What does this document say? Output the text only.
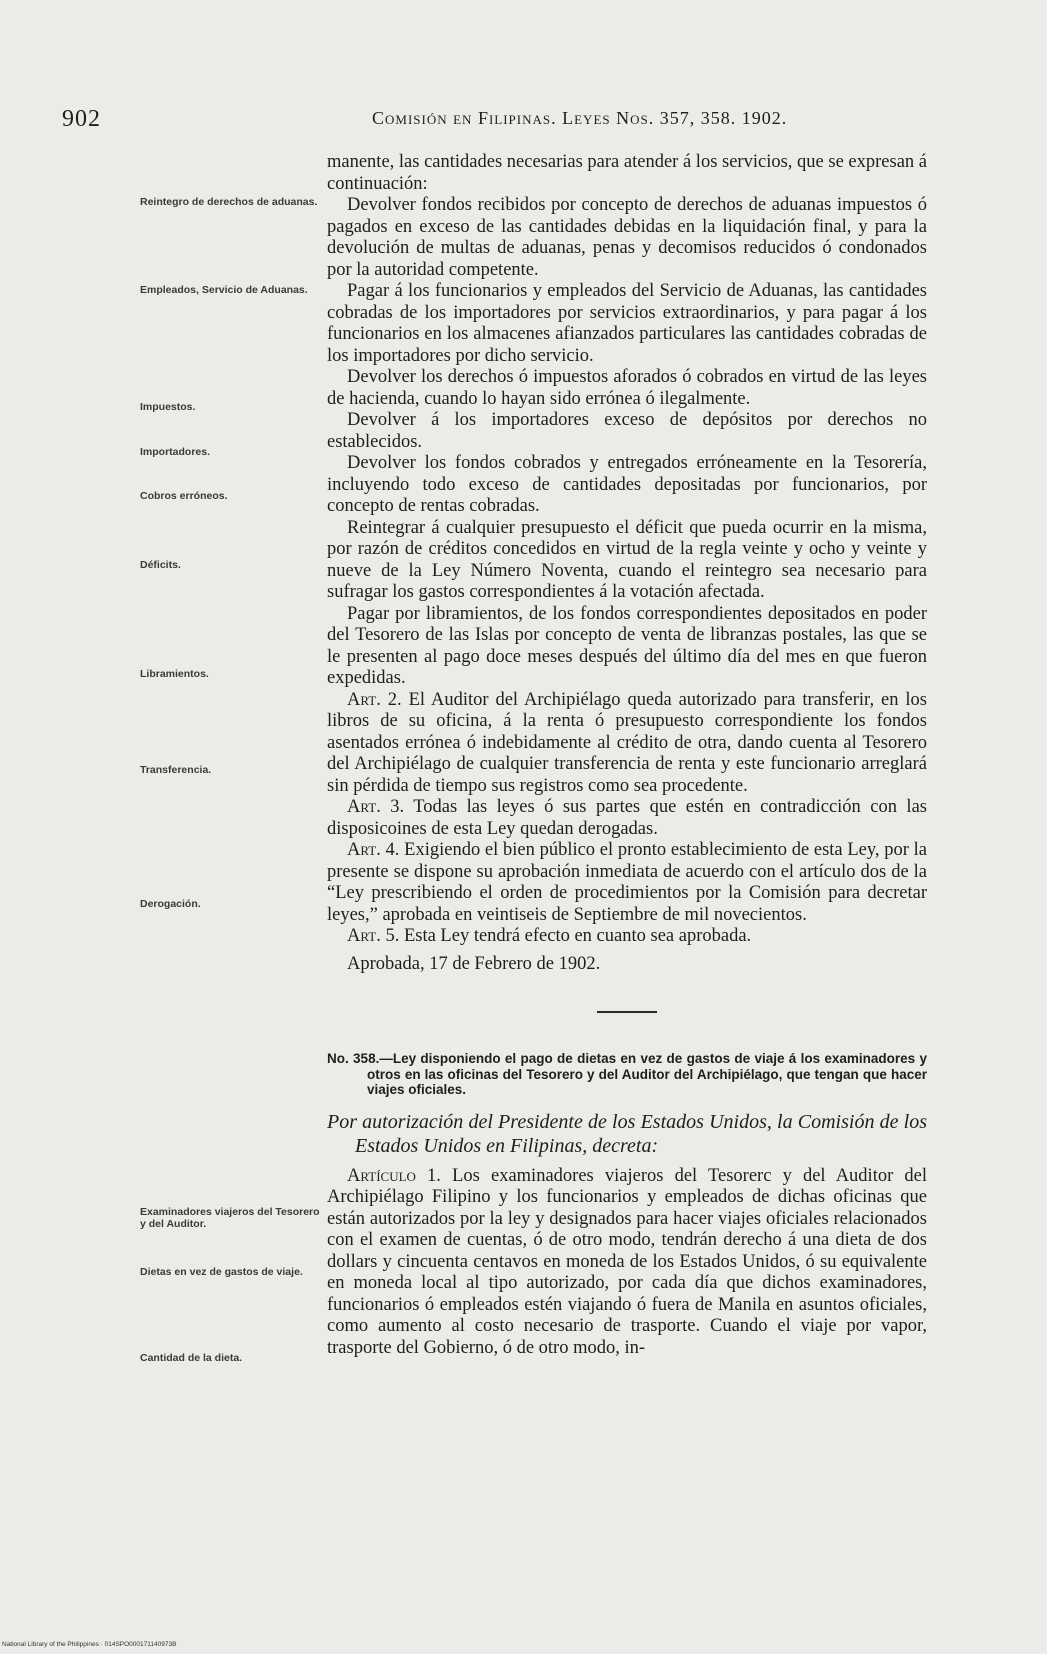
902	Comisión en Filipinas. Leyes Nos. 357, 358. 1902.
Reintegro de derechos de aduanas.
Empleados, Servicio de Aduanas.
Impuestos.
Importadores.
Cobros erróneos.
Déficits.
Libramientos.
Transferencia.
Derogación.
Examinadores viajeros del Tesorero y del Auditor.
Dietas en vez de gastos de viaje.
Cantidad de la dieta.

manente, las cantidades necesarias para atender á los servicios, que se expresan á continuación:

Devolver fondos recibidos por concepto de derechos de aduanas impuestos ó pagados en exceso de las cantidades debidas en la liquidación final, y para la devolución de multas de aduanas, penas y decomisos reducidos ó condonados por la autoridad competente.

Pagar á los funcionarios y empleados del Servicio de Aduanas, las cantidades cobradas de los importadores por servicios extraordinarios, y para pagar á los funcionarios en los almacenes afianzados particulares las cantidades cobradas de los importadores por dicho servicio.

Devolver los derechos ó impuestos aforados ó cobrados en virtud de las leyes de hacienda, cuando lo hayan sido errónea ó ilegalmente.

Devolver á los importadores exceso de depósitos por derechos no establecidos.

Devolver los fondos cobrados y entregados erróneamente en la Tesorería, incluyendo todo exceso de cantidades depositadas por funcionarios, por concepto de rentas cobradas.

Reintegrar á cualquier presupuesto el déficit que pueda ocurrir en la misma, por razón de créditos concedidos en virtud de la regla veinte y ocho y veinte y nueve de la Ley Número Noventa, cuando el reintegro sea necesario para sufragar los gastos correspondientes á la votación afectada.

Pagar por libramientos, de los fondos correspondientes depositados en poder del Tesorero de las Islas por concepto de venta de libranzas postales, las que se le presenten al pago doce meses después del último día del mes en que fueron expedidas.

Art. 2. El Auditor del Archipiélago queda autorizado para transferir, en los libros de su oficina, á la renta ó presupuesto correspondiente los fondos asentados errónea ó indebidamente al crédito de otra, dando cuenta al Tesorero del Archipiélago de cualquier transferencia de renta y este funcionario arreglará sin pérdida de tiempo sus registros como sea procedente.

Art. 3. Todas las leyes ó sus partes que estén en contradicción con las disposicoines de esta Ley quedan derogadas.

Art. 4. Exigiendo el bien público el pronto establecimiento de esta Ley, por la presente se dispone su aprobación inmediata de acuerdo con el artículo dos de la “Ley prescribiendo el orden de procedimientos por la Comisión para decretar leyes,” aprobada en veintiseis de Septiembre de mil novecientos.

Art. 5. Esta Ley tendrá efecto en cuanto sea aprobada.

Aprobada, 17 de Febrero de 1902.

No. 358.—Ley disponiendo el pago de dietas en vez de gastos de viaje á los examinadores y otros en las oficinas del Tesorero y del Auditor del Archipiélago, que tengan que hacer viajes oficiales.

Por autorización del Presidente de los Estados Unidos, la Comisión de los Estados Unidos en Filipinas, decreta:

Artículo 1. Los examinadores viajeros del Tesorerc y del Auditor del Archipiélago Filipino y los funcionarios y empleados de dichas oficinas que están autorizados por la ley y designados para hacer viajes oficiales relacionados con el examen de cuentas, ó de otro modo, tendrán derecho á una dieta de dos dollars y cincuenta centavos en moneda de los Estados Unidos, ó su equivalente en moneda local al tipo autorizado, por cada día que dichos examinadores, funcionarios ó empleados estén viajando ó fuera de Manila en asuntos oficiales, como aumento al costo necesario de trasporte. Cuando el viaje por vapor, trasporte del Gobierno, ó de otro modo, in-

National Library of the Philippines · 014SPO000171140973B
